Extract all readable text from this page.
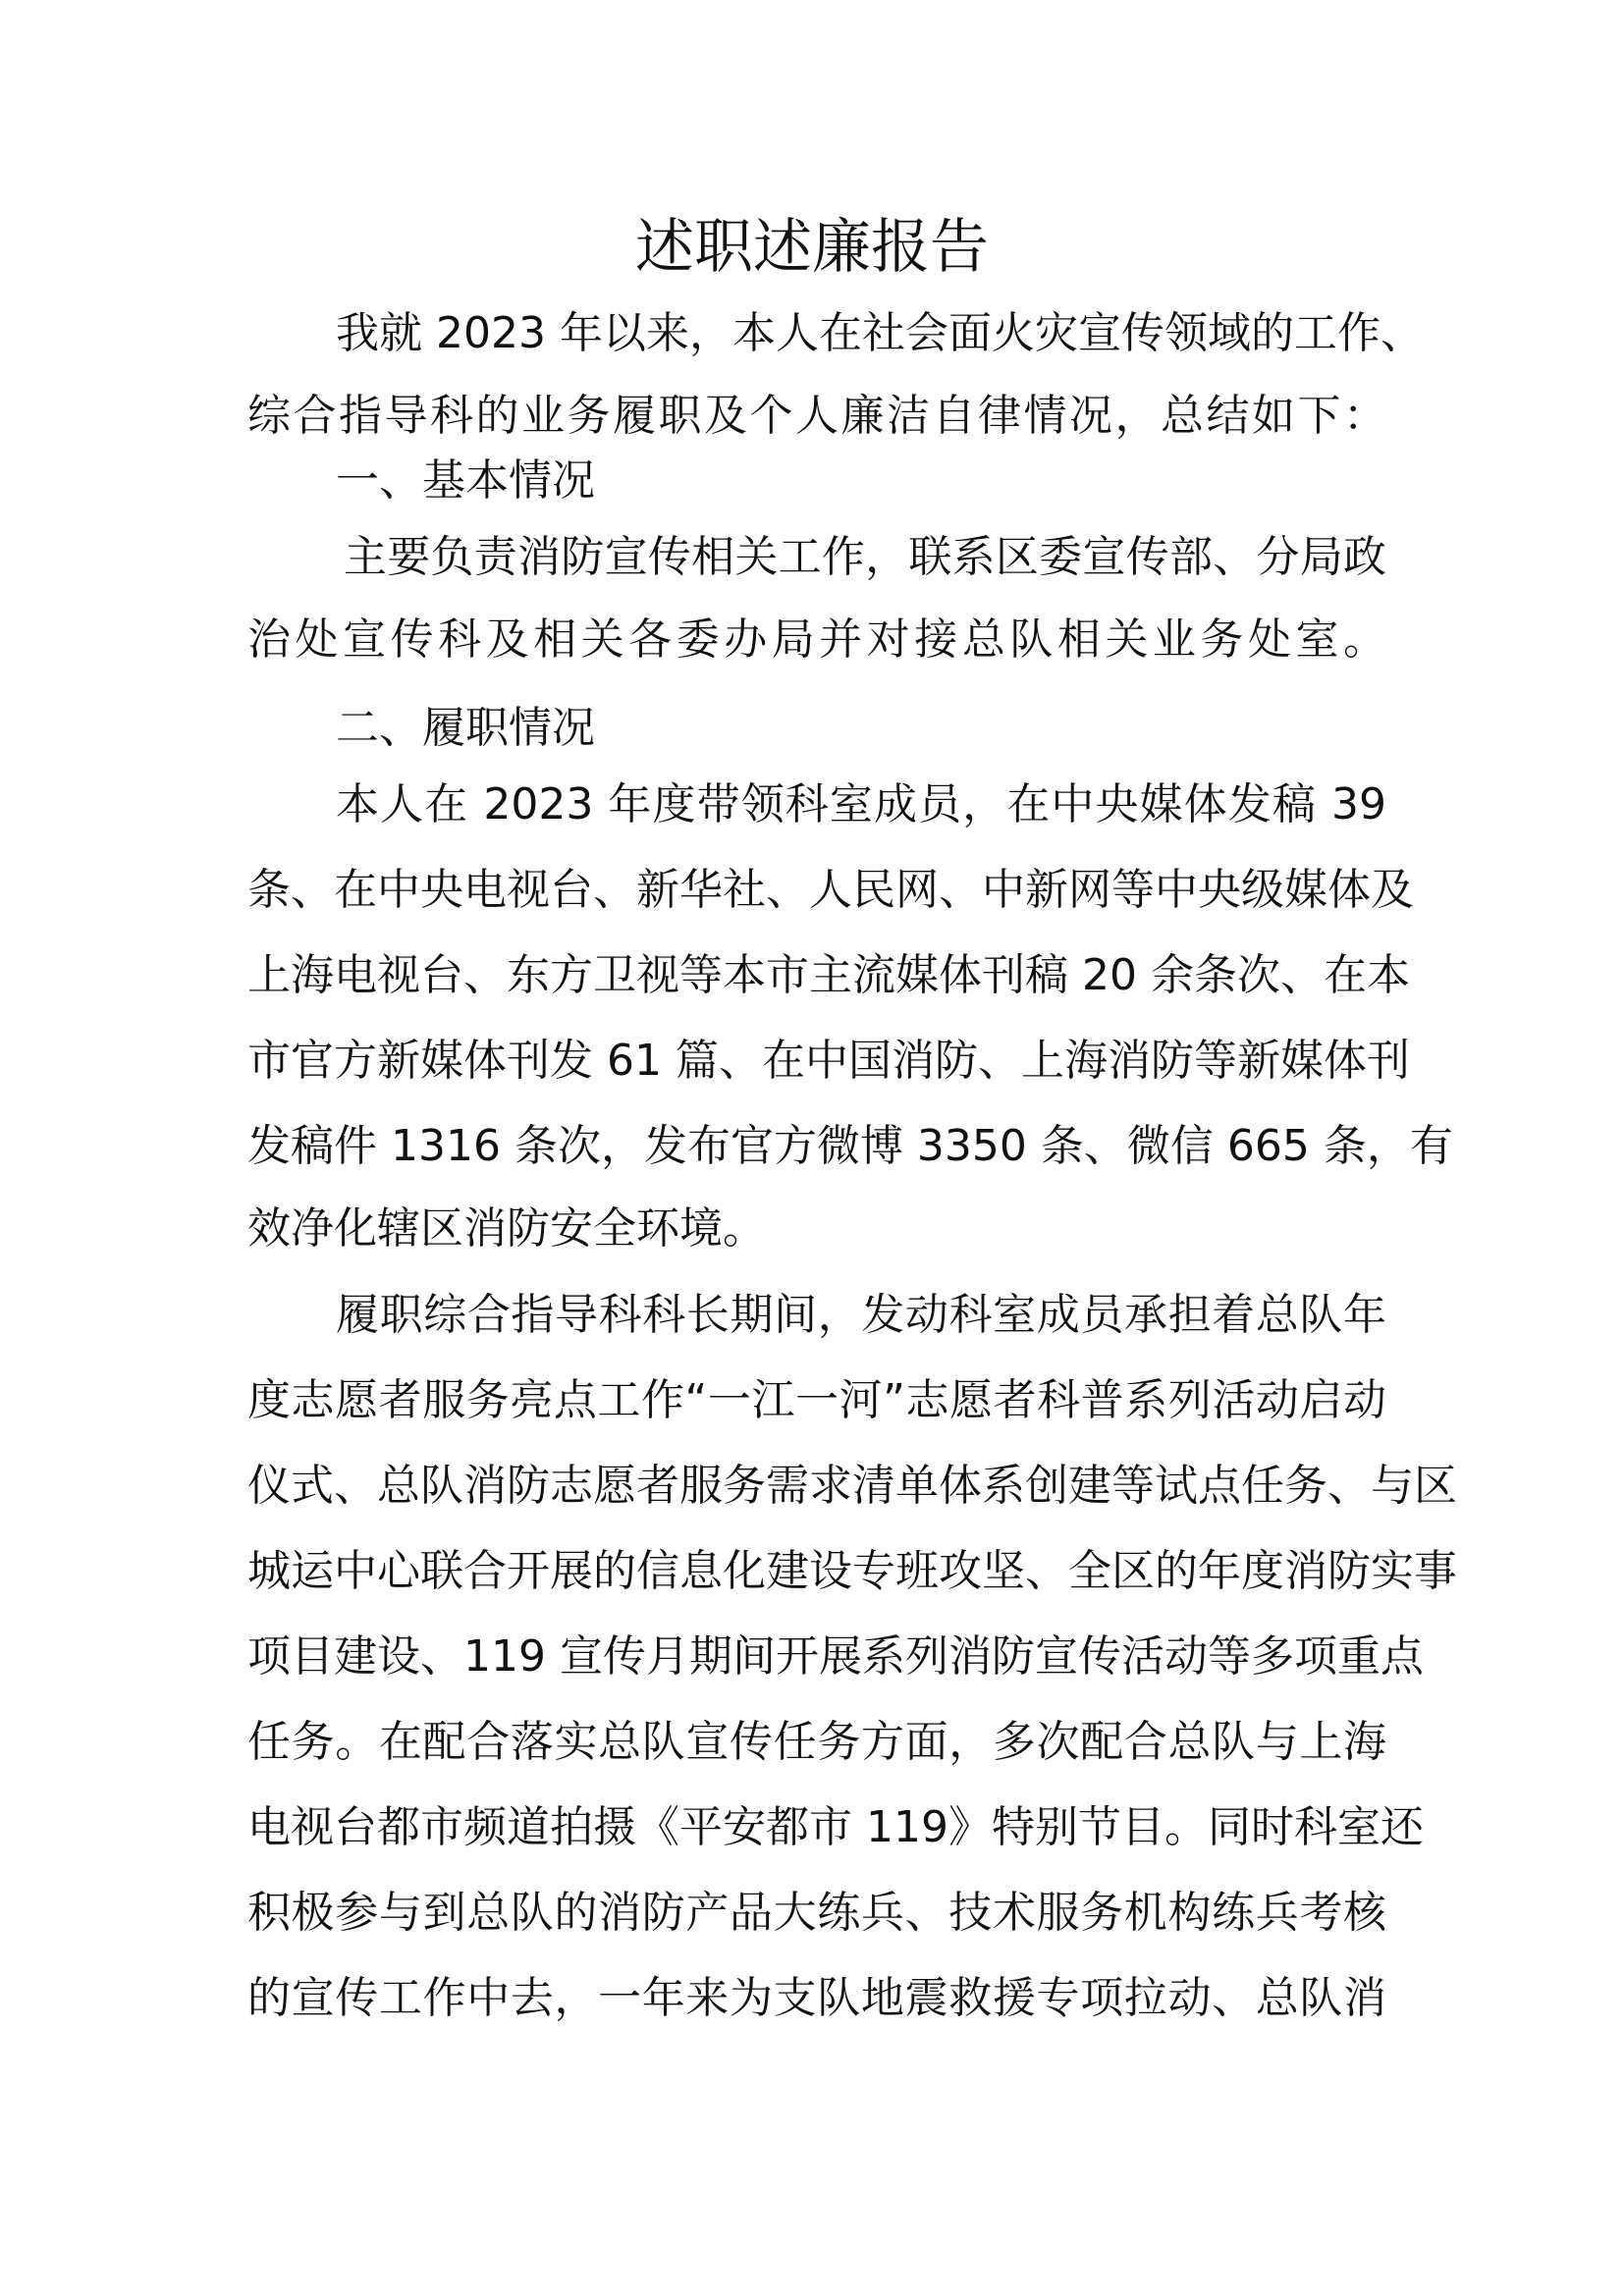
述职述廉报告

我就 2023 年以来，本人在社会面火灾宣传领域的工作、

综合指导科的业务履职及个人廉洁自律情况，总结如下：

一、基本情况

主要负责消防宣传相关工作，联系区委宣传部、分局政

治处宣传科及相关各委办局并对接总队相关业务处室。

二、履职情况

本人在 2023 年度带领科室成员，在中央媒体发稿 39

条、在中央电视台、新华社、人民网、中新网等中央级媒体及

上海电视台、东方卫视等本市主流媒体刊稿 20 余条次、在本

市官方新媒体刊发 61 篇、在中国消防、上海消防等新媒体刊

发稿件 1316 条次，发布官方微博 3350 条、微信 665 条，有

效净化辖区消防安全环境。

履职综合指导科科长期间，发动科室成员承担着总队年

度志愿者服务亮点工作“一江一河”志愿者科普系列活动启动

仪式、总队消防志愿者服务需求清单体系创建等试点任务、与区

城运中心联合开展的信息化建设专班攻坚、全区的年度消防实事

项目建设、119 宣传月期间开展系列消防宣传活动等多项重点

任务。在配合落实总队宣传任务方面，多次配合总队与上海

电视台都市频道拍摄《平安都市 119》特别节目。同时科室还

积极参与到总队的消防产品大练兵、技术服务机构练兵考核

的宣传工作中去，一年来为支队地震救援专项拉动、总队消
